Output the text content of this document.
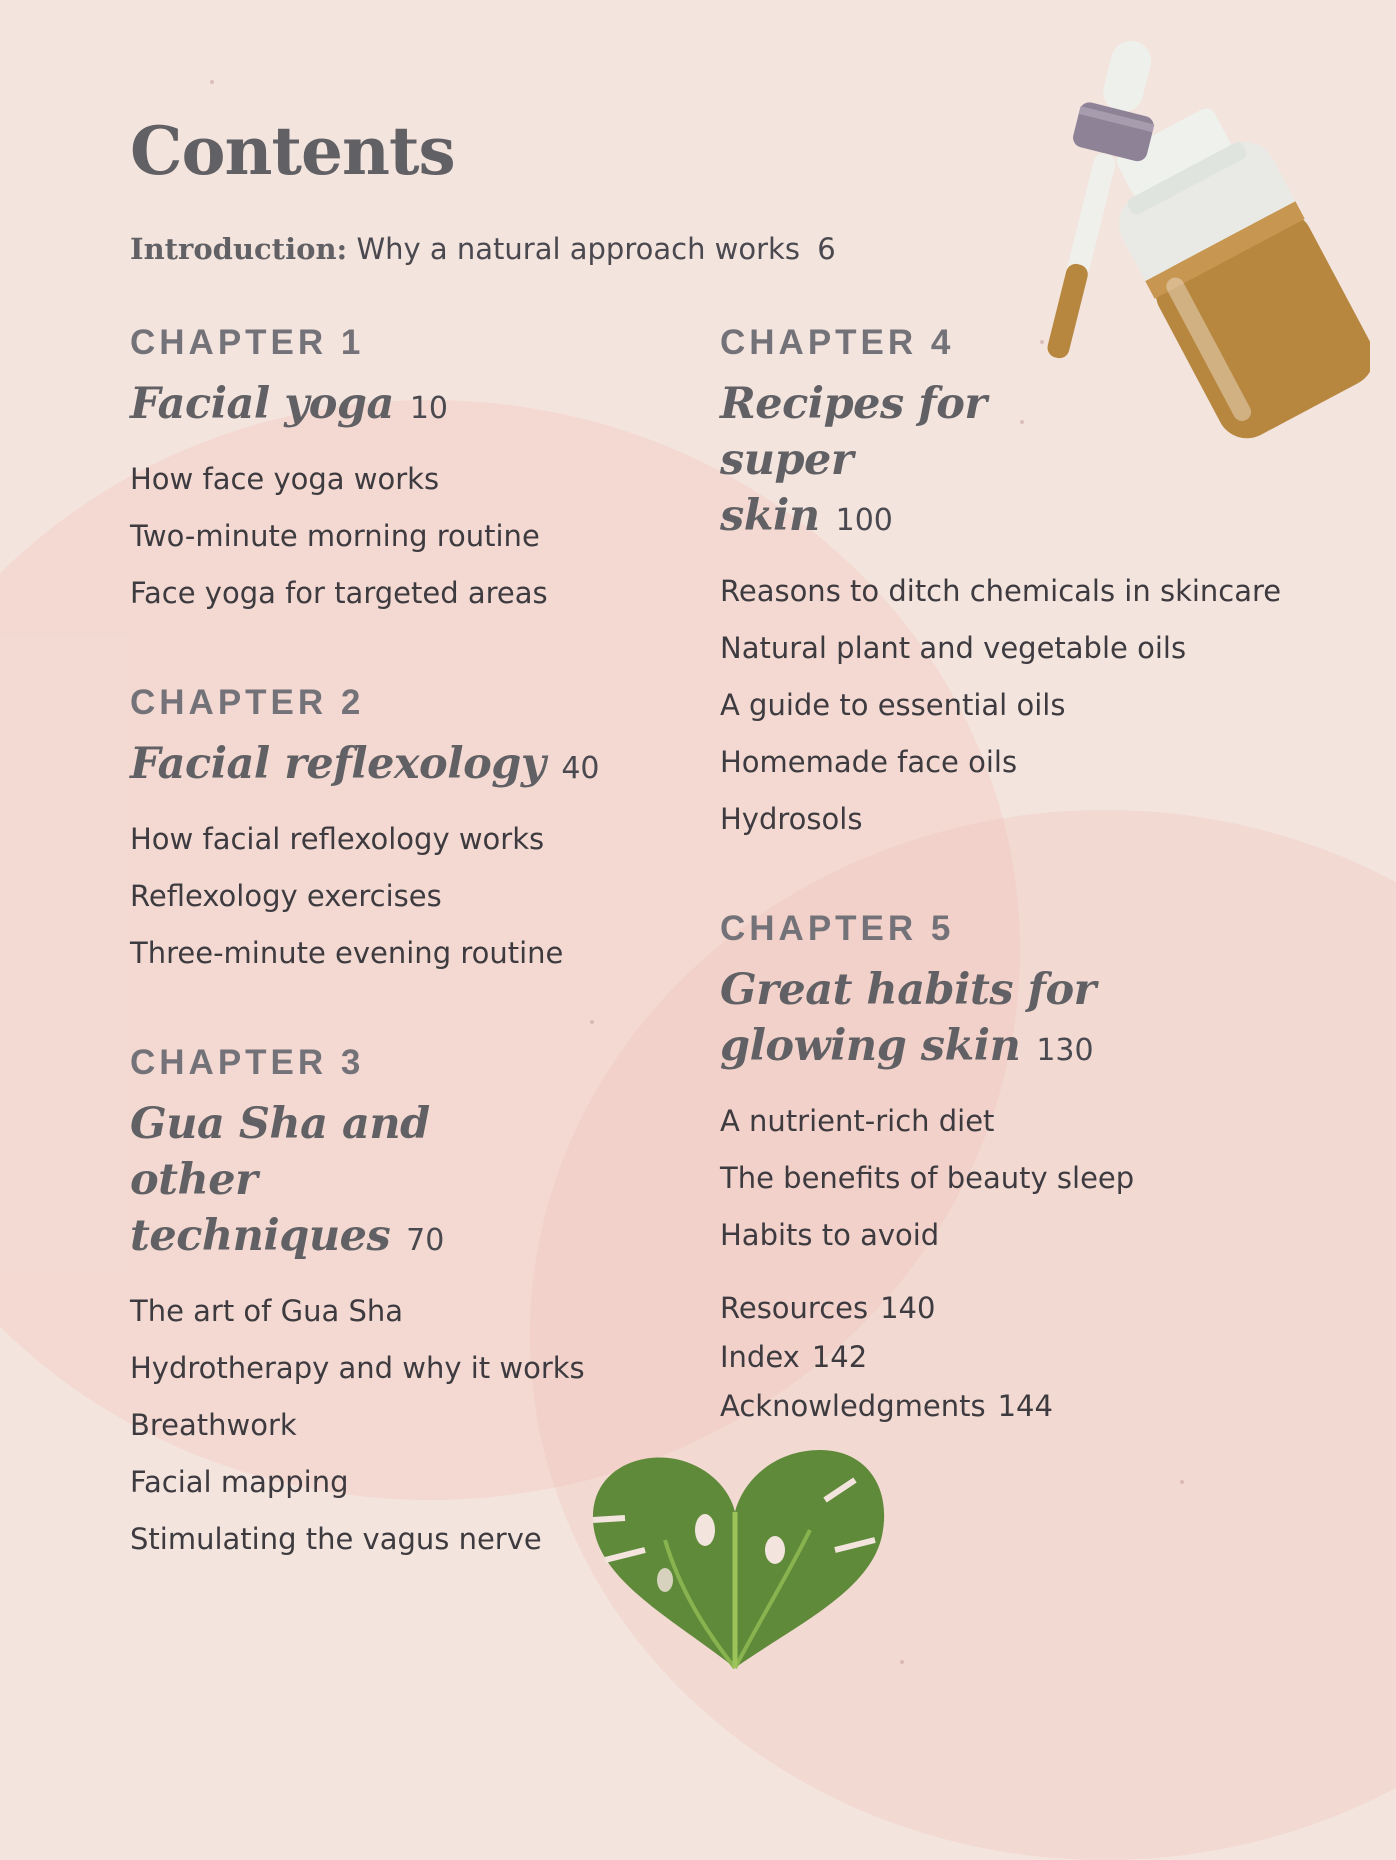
Contents
Introduction: Why a natural approach works 6
CHAPTER 1
Facial yoga 10
How face yoga works
Two-minute morning routine
Face yoga for targeted areas
CHAPTER 2
Facial reflexology 40
How facial reflexology works
Reflexology exercises
Three-minute evening routine
CHAPTER 3
Gua Sha and other techniques 70
The art of Gua Sha
Hydrotherapy and why it works
Breathwork
Facial mapping
Stimulating the vagus nerve
CHAPTER 4
Recipes for super skin 100
Reasons to ditch chemicals in skincare
Natural plant and vegetable oils
A guide to essential oils
Homemade face oils
Hydrosols
CHAPTER 5
Great habits for glowing skin 130
A nutrient-rich diet
The benefits of beauty sleep
Habits to avoid
Resources 140
Index 142
Acknowledgments 144
